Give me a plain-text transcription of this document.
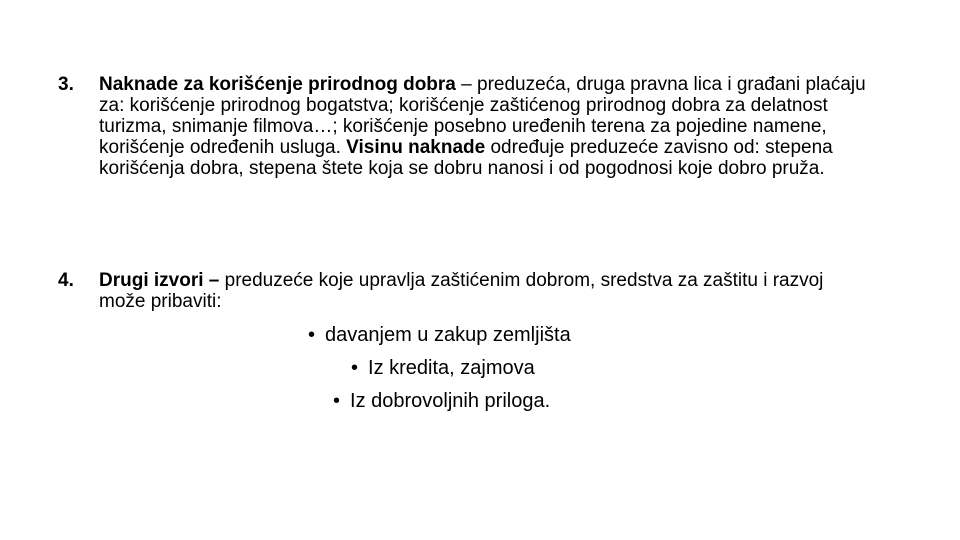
3. Naknade za korišćenje prirodnog dobra – preduzeća, druga pravna lica i građani plaćaju za: korišćenje prirodnog bogatstva; korišćenje zaštićenog prirodnog dobra za delatnost turizma, snimanje filmova…; korišćenje posebno uređenih terena za pojedine namene, korišćenje određenih usluga. Visinu naknade određuje preduzeće zavisno od: stepena korišćenja dobra, stepena štete koja se dobru nanosi i od pogodnosi koje dobro pruža.
4. Drugi izvori – preduzeće koje upravlja zaštićenim dobrom, sredstva za zaštitu i razvoj može pribaviti:
• davanjem u zakup zemljišta
• Iz kredita, zajmova
• Iz dobrovoljnih priloga.
